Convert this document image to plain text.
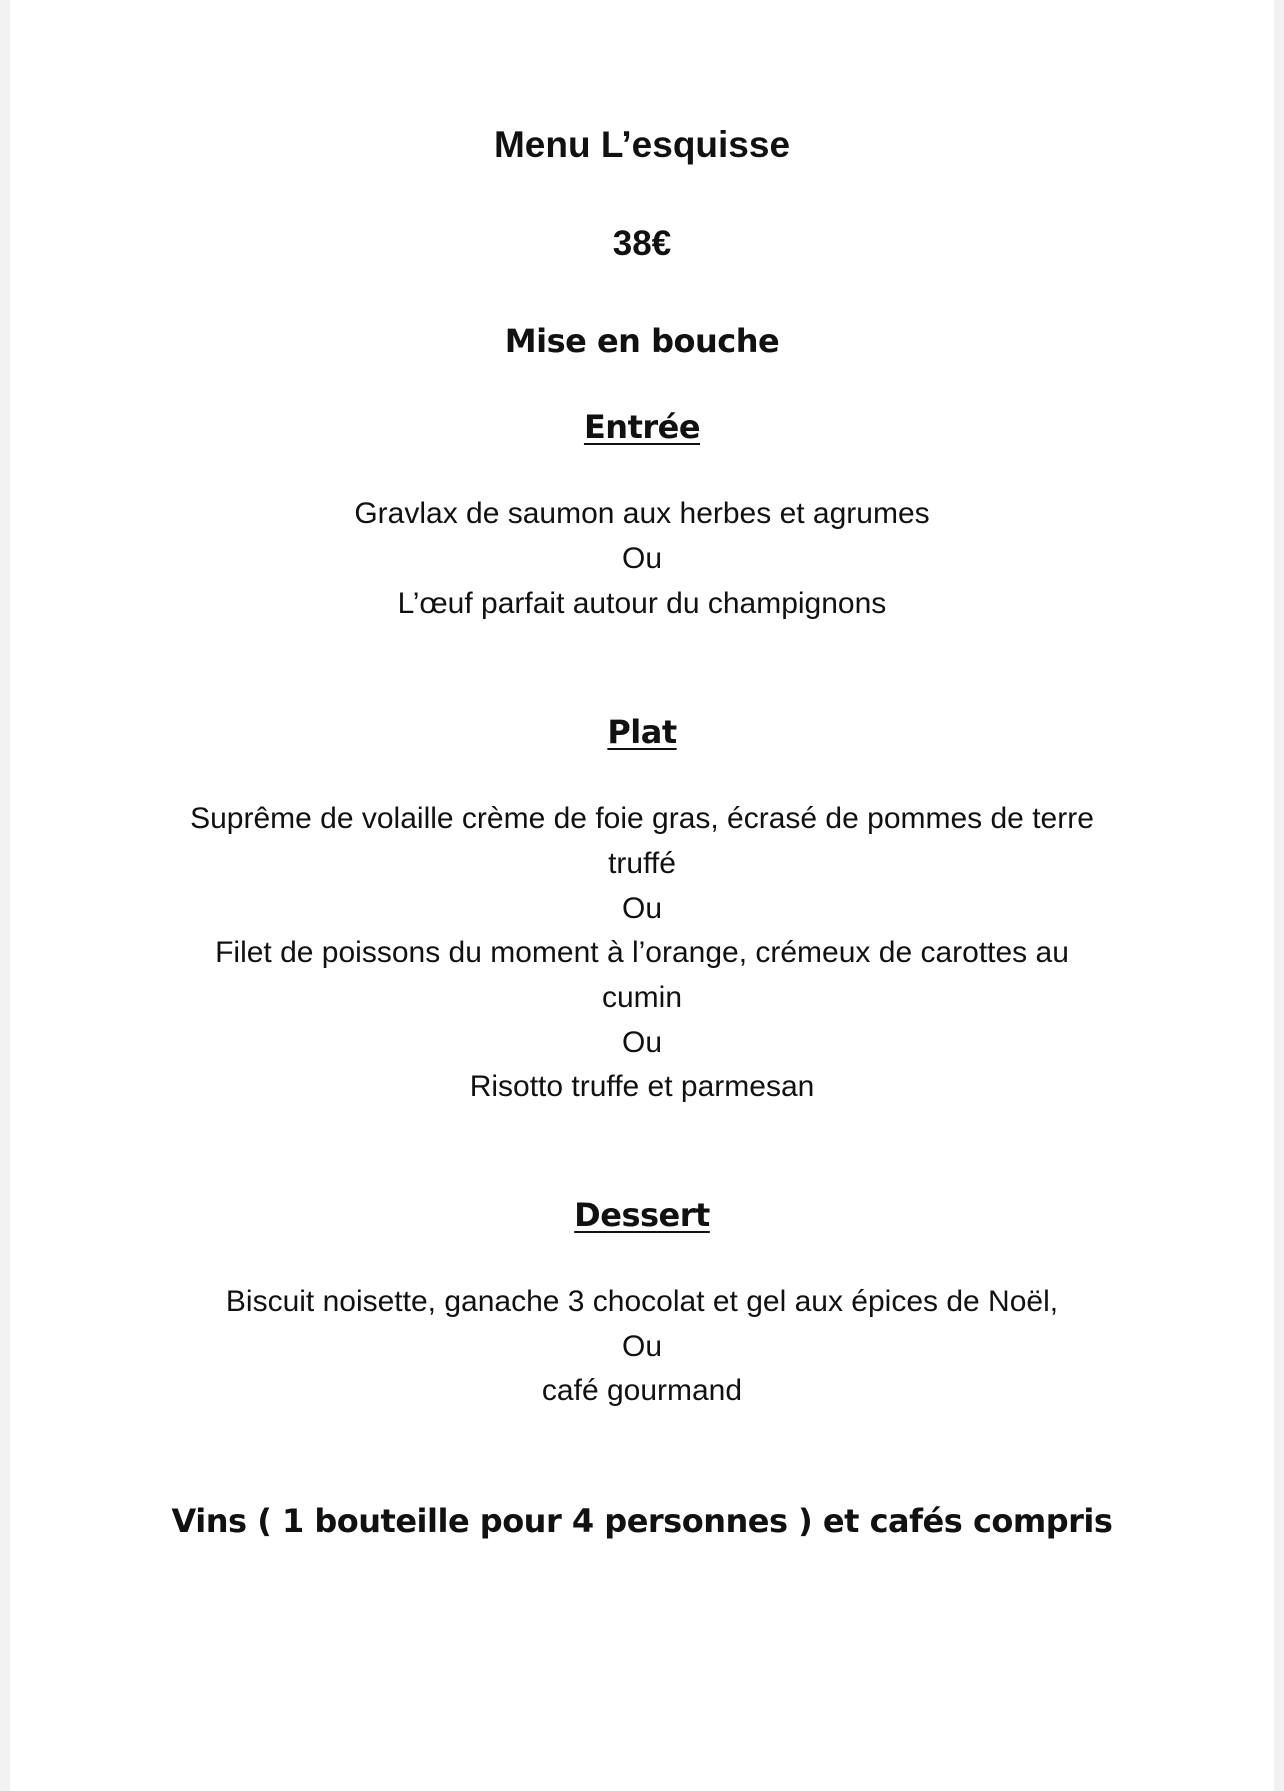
Menu L’esquisse
38€
Mise en bouche
Entrée
Gravlax de saumon aux herbes et agrumes
Ou
L’œuf parfait autour du champignons
Plat
Suprême de volaille crème de foie gras, écrasé de pommes de terre
truffé
Ou
Filet de poissons du moment à l’orange, crémeux de carottes au
cumin
Ou
Risotto truffe et parmesan
Dessert
Biscuit noisette, ganache 3 chocolat et gel aux épices de Noël,
Ou
café gourmand
Vins ( 1 bouteille pour 4 personnes ) et cafés compris
